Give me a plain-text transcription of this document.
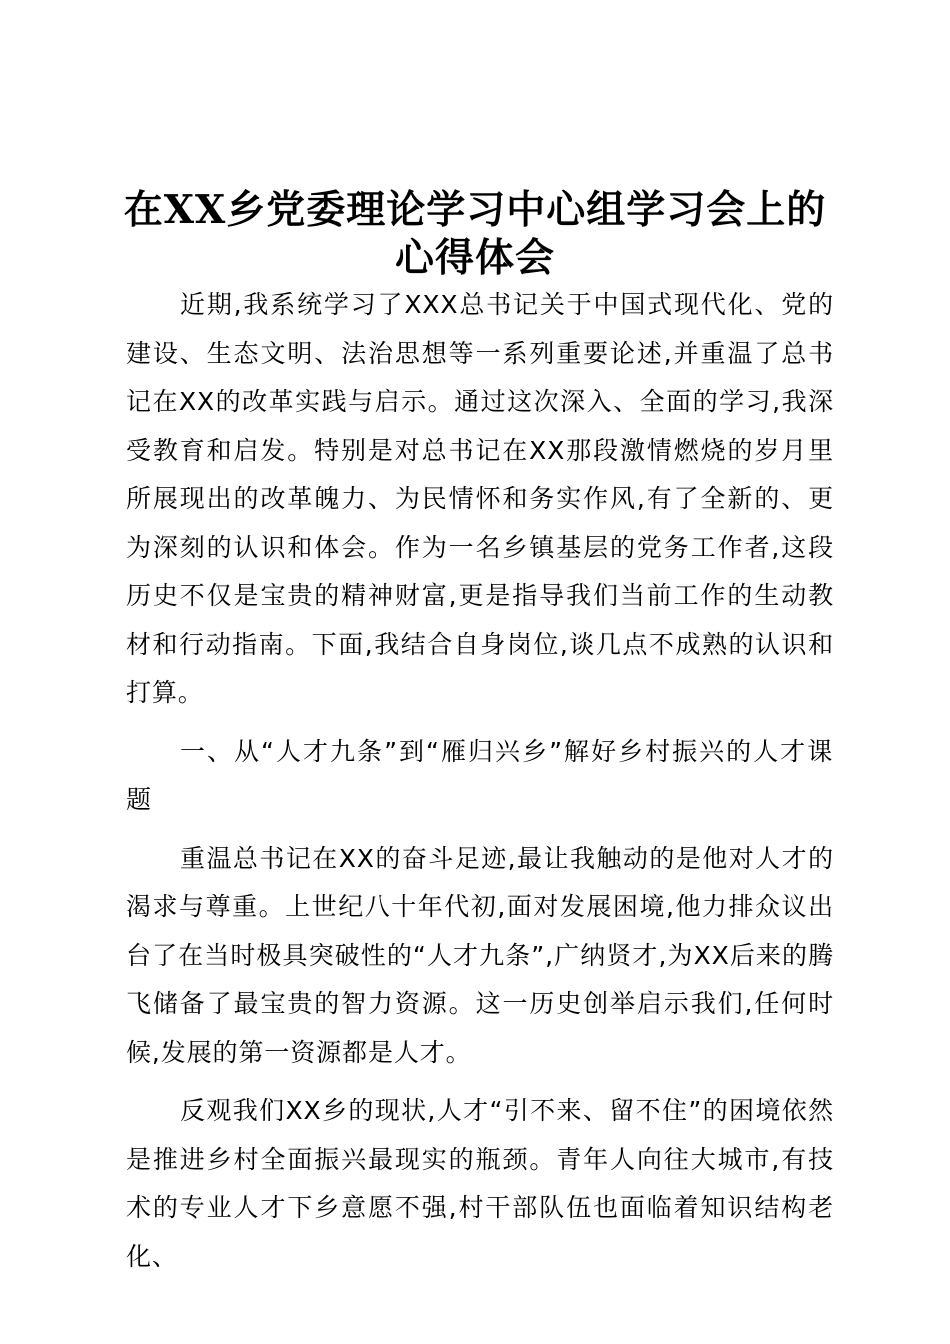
在XX乡党委理论学习中心组学习会上的心得体会

近期,我系统学习了XXX总书记关于中国式现代化、党的建设、生态文明、法治思想等一系列重要论述,并重温了总书记在XX的改革实践与启示。通过这次深入、全面的学习,我深受教育和启发。特别是对总书记在XX那段激情燃烧的岁月里所展现出的改革魄力、为民情怀和务实作风,有了全新的、更为深刻的认识和体会。作为一名乡镇基层的党务工作者,这段历史不仅是宝贵的精神财富,更是指导我们当前工作的生动教材和行动指南。下面,我结合自身岗位,谈几点不成熟的认识和打算。

一、从“人才九条”到“雁归兴乡”解好乡村振兴的人才课题

重温总书记在XX的奋斗足迹,最让我触动的是他对人才的渴求与尊重。上世纪八十年代初,面对发展困境,他力排众议出台了在当时极具突破性的“人才九条”,广纳贤才,为XX后来的腾飞储备了最宝贵的智力资源。这一历史创举启示我们,任何时候,发展的第一资源都是人才。

反观我们XX乡的现状,人才“引不来、留不住”的困境依然是推进乡村全面振兴最现实的瓶颈。青年人向往大城市,有技术的专业人才下乡意愿不强,村干部队伍也面临着知识结构老化、
